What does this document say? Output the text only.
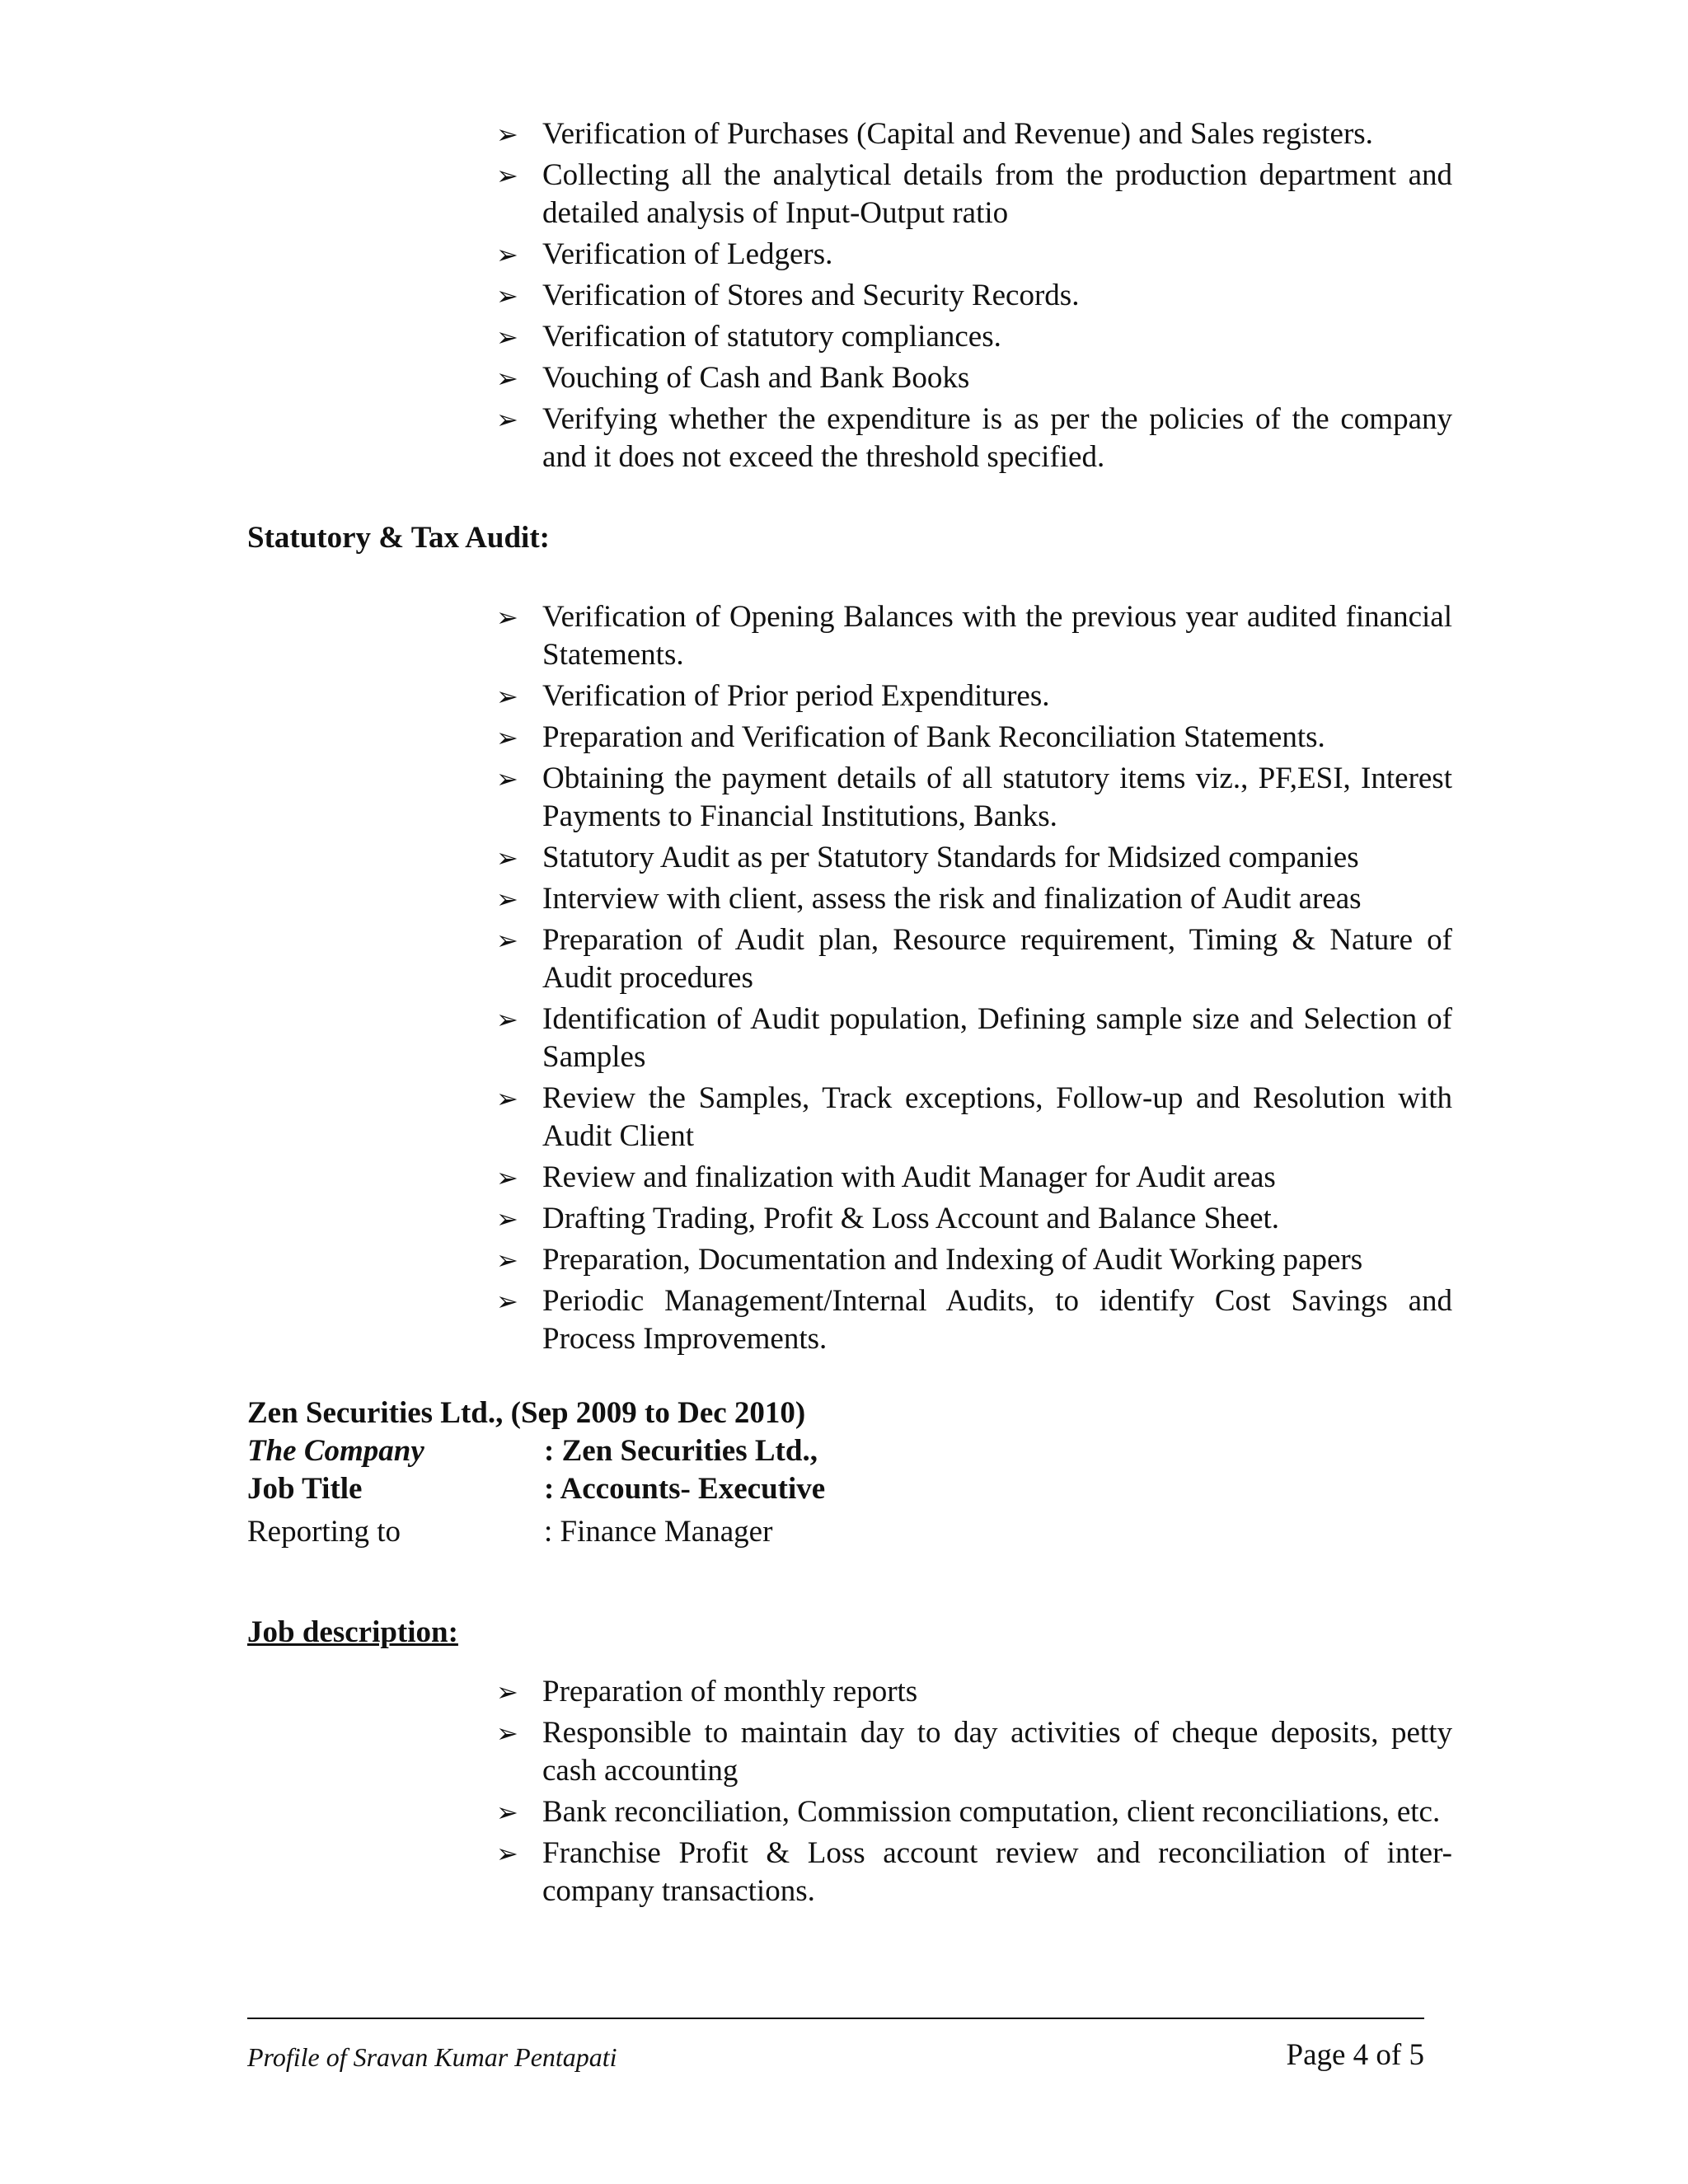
➢ Verification of Purchases (Capital and Revenue) and Sales registers.
➢ Collecting all the analytical details from the production department and detailed analysis of Input-Output ratio
➢ Verification of Ledgers.
➢ Verification of Stores and Security Records.
➢ Verification of statutory compliances.
➢ Vouching of Cash and Bank Books
➢ Verifying whether the expenditure is as per the policies of the company and it does not exceed the threshold specified.
Statutory & Tax Audit:
➢ Verification of Opening Balances with the previous year audited financial Statements.
➢ Verification of Prior period Expenditures.
➢ Preparation and Verification of Bank Reconciliation Statements.
➢ Obtaining the payment details of all statutory items viz., PF,ESI, Interest Payments to Financial Institutions, Banks.
➢ Statutory Audit as per Statutory Standards for Midsized companies
➢ Interview with client, assess the risk and finalization of Audit areas
➢ Preparation of Audit plan, Resource requirement, Timing & Nature of Audit procedures
➢ Identification of Audit population, Defining sample size and Selection of Samples
➢ Review the Samples, Track exceptions, Follow-up and Resolution with Audit Client
➢ Review and finalization with Audit Manager for Audit areas
➢ Drafting Trading, Profit & Loss Account and Balance Sheet.
➢ Preparation, Documentation and Indexing of Audit Working papers
➢ Periodic Management/Internal Audits, to identify Cost Savings and Process Improvements.
Zen Securities Ltd., (Sep 2009 to Dec 2010)
The Company	: Zen Securities Ltd.,
Job Title	: Accounts- Executive
Reporting to	: Finance Manager
Job description:
➢ Preparation of monthly reports
➢ Responsible to maintain day to day activities of cheque deposits, petty cash accounting
➢ Bank reconciliation, Commission computation, client reconciliations, etc.
➢ Franchise Profit & Loss account review and reconciliation of inter-company transactions.
Profile of Sravan Kumar Pentapati	Page 4 of 5
